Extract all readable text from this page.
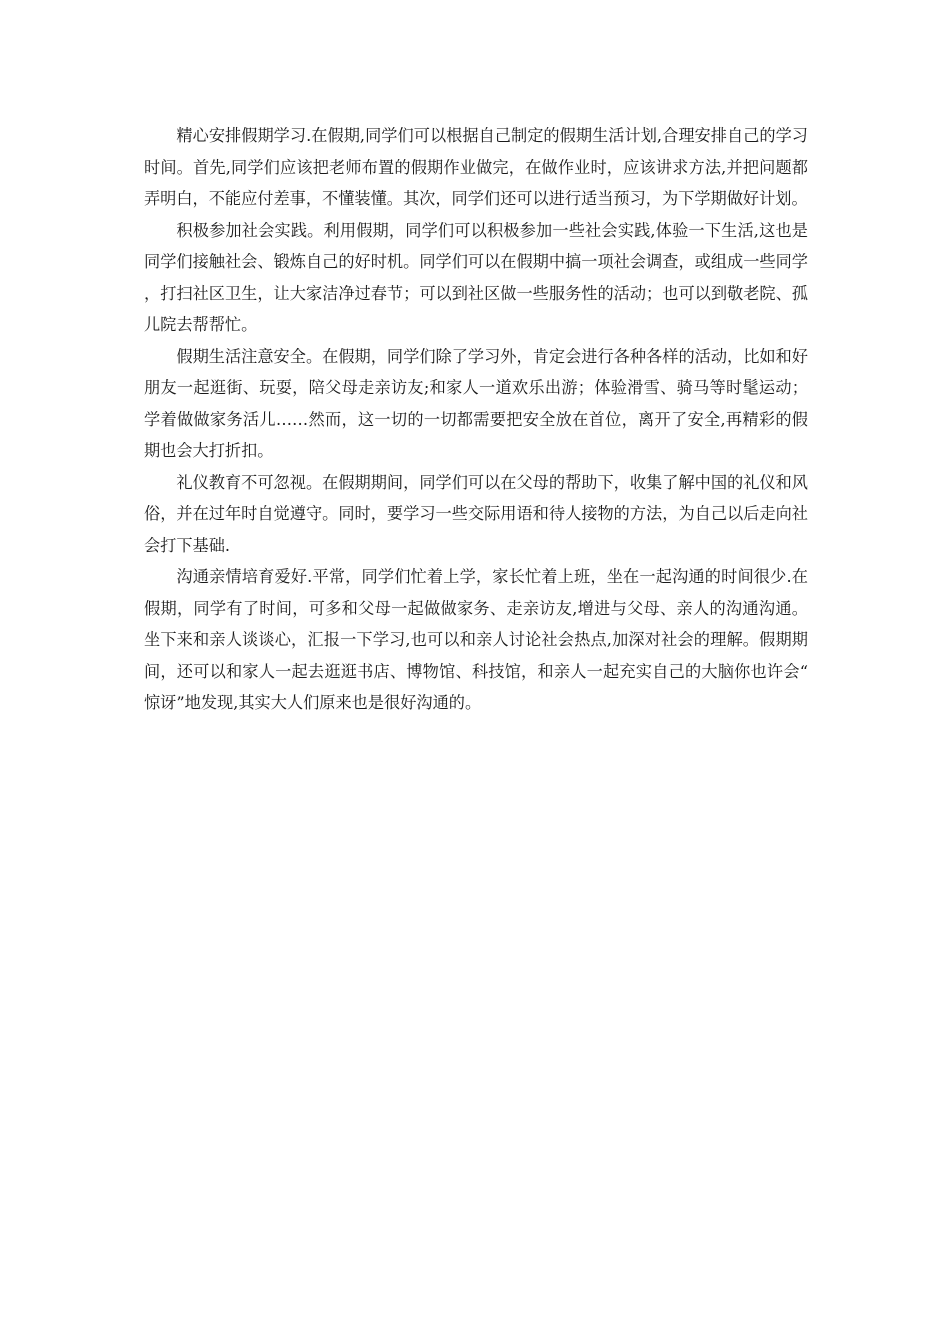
精心安排假期学习.在假期,同学们可以根据自己制定的假期生活计划,合理安排自己的学习时间。首先,同学们应该把老师布置的假期作业做完，在做作业时，应该讲求方法,并把问题都弄明白，不能应付差事，不懂装懂。其次，同学们还可以进行适当预习，为下学期做好计划。

积极参加社会实践。利用假期，同学们可以积极参加一些社会实践,体验一下生活,这也是同学们接触社会、锻炼自己的好时机。同学们可以在假期中搞一项社会调查，或组成一些同学，打扫社区卫生，让大家洁净过春节；可以到社区做一些服务性的活动；也可以到敬老院、孤儿院去帮帮忙。

假期生活注意安全。在假期，同学们除了学习外，肯定会进行各种各样的活动，比如和好朋友一起逛街、玩耍，陪父母走亲访友;和家人一道欢乐出游；体验滑雪、骑马等时髦运动；学着做做家务活儿……然而，这一切的一切都需要把安全放在首位，离开了安全,再精彩的假期也会大打折扣。

礼仪教育不可忽视。在假期期间，同学们可以在父母的帮助下，收集了解中国的礼仪和风俗，并在过年时自觉遵守。同时，要学习一些交际用语和待人接物的方法，为自己以后走向社会打下基础.

沟通亲情培育爱好.平常，同学们忙着上学，家长忙着上班，坐在一起沟通的时间很少.在假期，同学有了时间，可多和父母一起做做家务、走亲访友,增进与父母、亲人的沟通沟通。坐下来和亲人谈谈心，汇报一下学习,也可以和亲人讨论社会热点,加深对社会的理解。假期期间，还可以和家人一起去逛逛书店、博物馆、科技馆，和亲人一起充实自己的大脑你也许会“惊讶”地发现,其实大人们原来也是很好沟通的。
